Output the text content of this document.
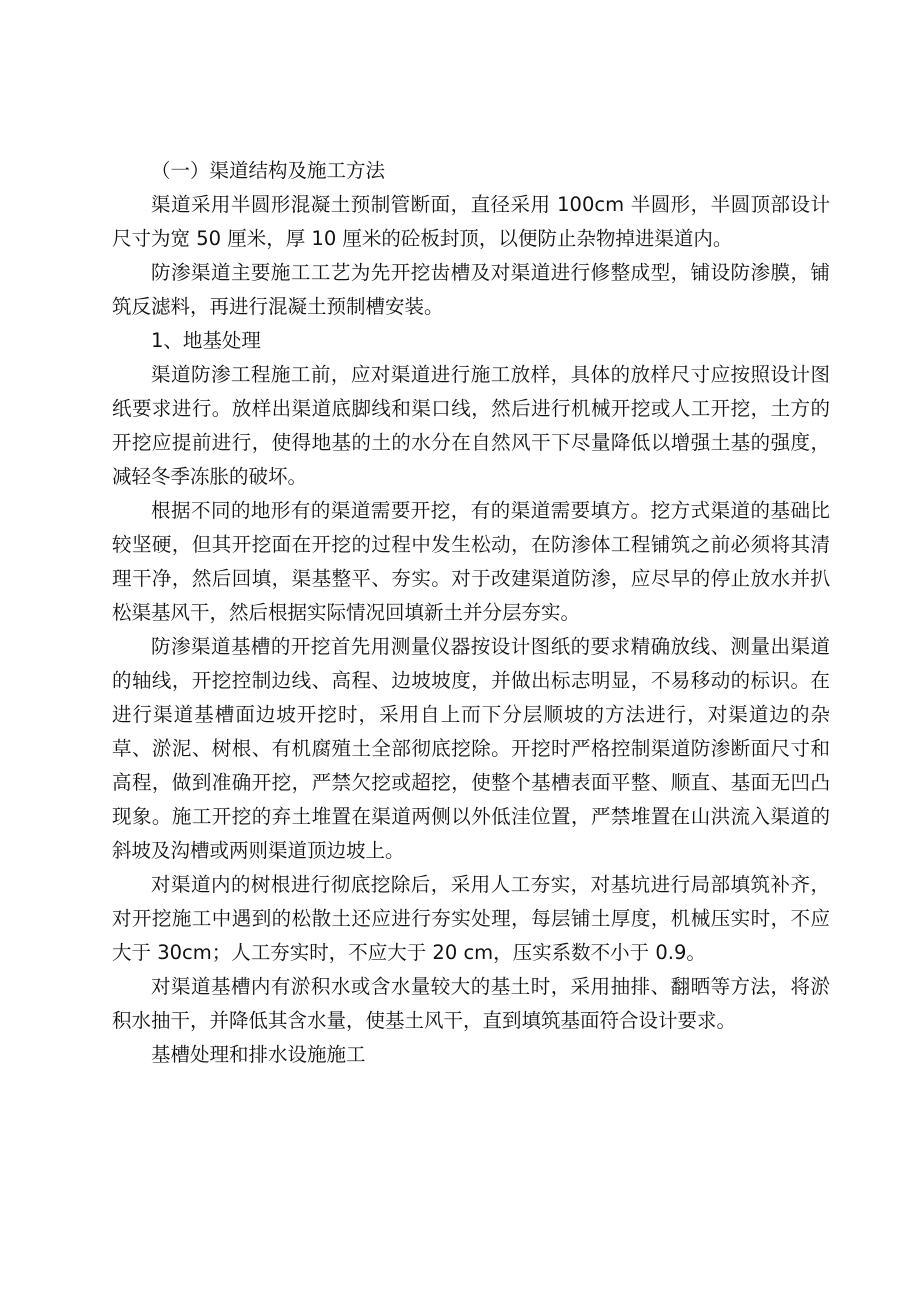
（一）渠道结构及施工方法

渠道采用半圆形混凝土预制管断面，直径采用 100cm 半圆形，半圆顶部设计尺寸为宽 50 厘米，厚 10 厘米的砼板封顶，以便防止杂物掉进渠道内。

防渗渠道主要施工工艺为先开挖齿槽及对渠道进行修整成型，铺设防渗膜，铺筑反滤料，再进行混凝土预制槽安装。

1、地基处理

渠道防渗工程施工前，应对渠道进行施工放样，具体的放样尺寸应按照设计图纸要求进行。放样出渠道底脚线和渠口线，然后进行机械开挖或人工开挖，土方的开挖应提前进行，使得地基的土的水分在自然风干下尽量降低以增强土基的强度，减轻冬季冻胀的破坏。

根据不同的地形有的渠道需要开挖，有的渠道需要填方。挖方式渠道的基础比较坚硬，但其开挖面在开挖的过程中发生松动，在防渗体工程铺筑之前必须将其清理干净，然后回填，渠基整平、夯实。对于改建渠道防渗，应尽早的停止放水并扒松渠基风干，然后根据实际情况回填新土并分层夯实。

防渗渠道基槽的开挖首先用测量仪器按设计图纸的要求精确放线、测量出渠道的轴线，开挖控制边线、高程、边坡坡度，并做出标志明显，不易移动的标识。在进行渠道基槽面边坡开挖时，采用自上而下分层顺坡的方法进行，对渠道边的杂草、淤泥、树根、有机腐殖土全部彻底挖除。开挖时严格控制渠道防渗断面尺寸和高程，做到准确开挖，严禁欠挖或超挖，使整个基槽表面平整、顺直、基面无凹凸现象。施工开挖的弃土堆置在渠道两侧以外低洼位置，严禁堆置在山洪流入渠道的斜坡及沟槽或两则渠道顶边坡上。

对渠道内的树根进行彻底挖除后，采用人工夯实，对基坑进行局部填筑补齐，对开挖施工中遇到的松散土还应进行夯实处理，每层铺土厚度，机械压实时，不应大于 30cm；人工夯实时，不应大于 20 cm，压实系数不小于 0.9。

对渠道基槽内有淤积水或含水量较大的基土时，采用抽排、翻晒等方法，将淤积水抽干，并降低其含水量，使基土风干，直到填筑基面符合设计要求。

基槽处理和排水设施施工
